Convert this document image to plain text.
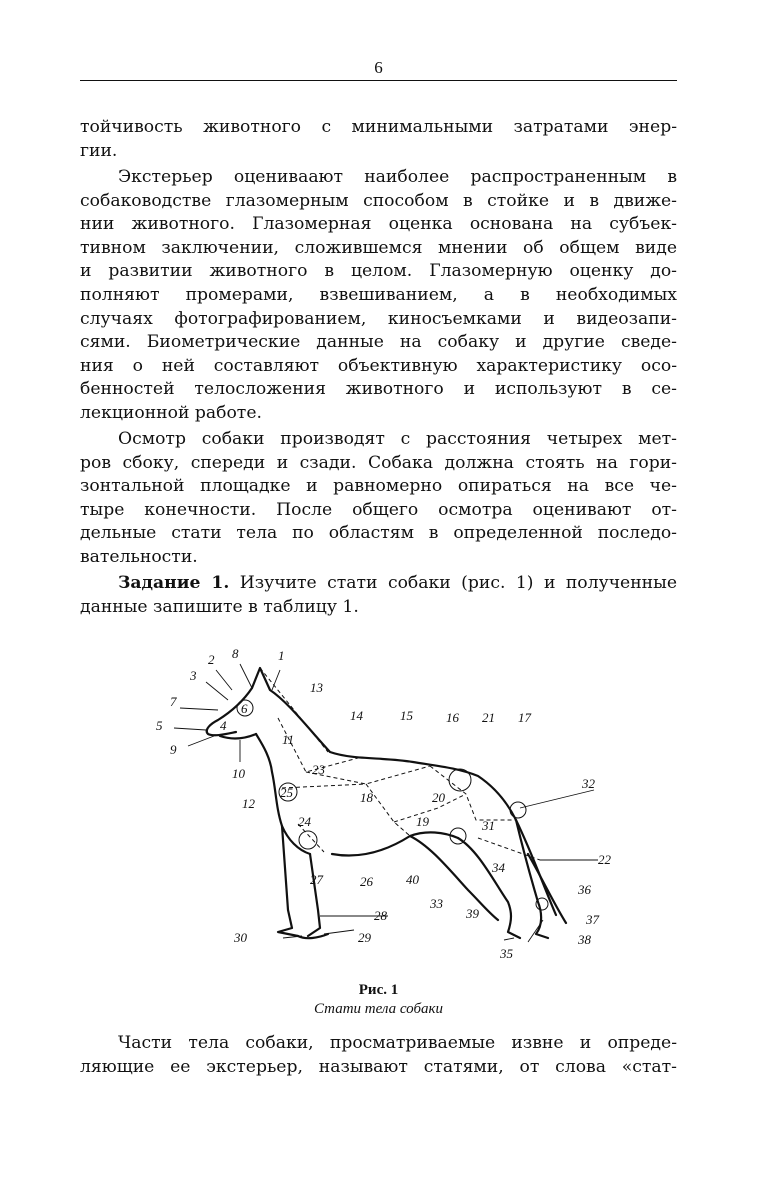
6
тойчивость животного с минимальными затратами энер-
гии.
Экстерьер оцениваают наиболее распространенным в
собаководстве глазомерным способом в стойке и в движе-
нии животного. Глазомерная оценка основана на субъек-
тивном заключении, сложившемся мнении об общем виде
и развитии животного в целом. Глазомерную оценку до-
полняют промерами, взвешиванием, а в необходимых
случаях фотографированием, киносъемками и видеозапи-
сями. Биометрические данные на собаку и другие сведе-
ния о ней составляют объективную характеристику осо-
бенностей телосложения животного и используют в се-
лекционной работе.
Осмотр собаки производят с расстояния четырех мет-
ров сбоку, спереди и сзади. Собака должна стоять на гори-
зонтальной площадке и равномерно опираться на все че-
тыре конечности. После общего осмотра оценивают от-
дельные стати тела по областям в определенной последо-
вательности.
Задание 1. Изучите стати собаки (рис. 1) и полученные
данные запишите в таблицу 1.
8	1
2
3
7	6
4
5
9
10
11
12
13
14	15	16 21 17
23
25	18	20
19	31
24
32
22
34
27	26	40
33
39
28
36
37
30	29	38
35
Рис. 1
Стати тела собаки
Части тела собаки, просматриваемые извне и опреде-
ляющие ее экстерьер, называют статями, от слова «стат-
